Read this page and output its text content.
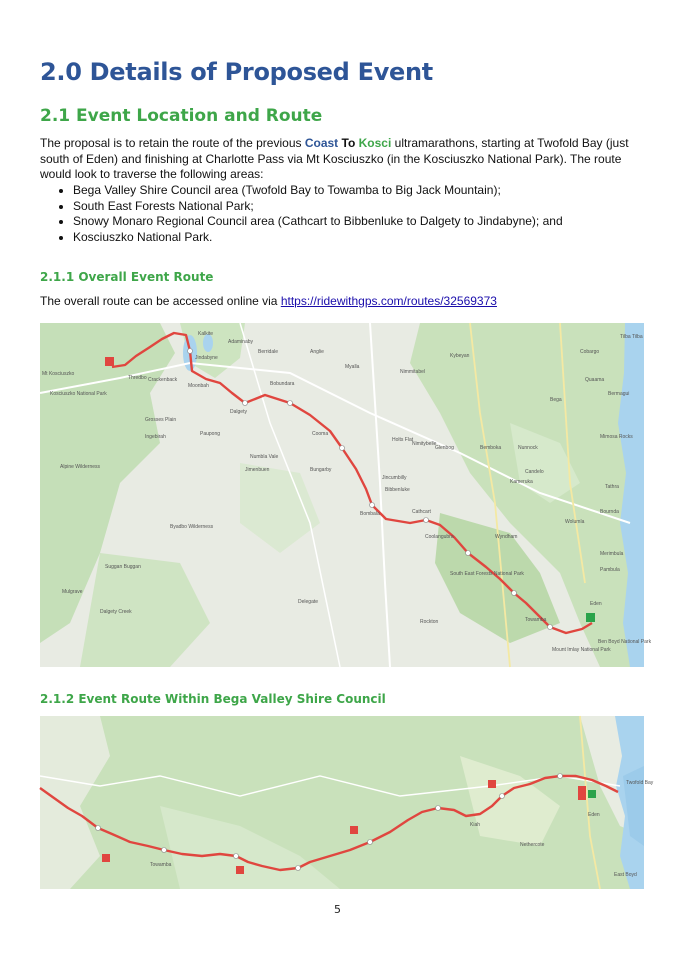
2.0 Details of Proposed Event
2.1 Event Location and Route

The proposal is to retain the route of the previous Coast To Kosci ultramarathons, starting at Twofold Bay (just south of Eden) and finishing at Charlotte Pass via Mt Kosciuszko (in the Kosciuszko National Park). The route would look to traverse the following areas:

• Bega Valley Shire Council area (Twofold Bay to Towamba to Big Jack Mountain);
• South East Forests National Park;
• Snowy Monaro Regional Council area (Cathcart to Bibbenluke to Dalgety to Jindabyne); and
• Kosciuszko National Park.
2.1.1 Overall Event Route

The overall route can be accessed online via https://ridewithgps.com/routes/32569373

Kalkite
Adaminaby
Berridale	Anglie
Myalla
Nimmitabel
Kybeyan
Kosciuszko National Park
Mt Kosciuszko
Thredbo Crackenback
Jindabyne
Moonbah	Bobundara
Dalgety
Paupong
Ingebirah
Grosses Plain
Numbla Vale
Jimenbuen
Cooma
Bungarby
Bibbenluke
Jincumbilly
Bombala
Holts Flat
Cathcart
Nimitybelle
Glenbog	Bemboka	Nunnock
Bega
Candelo
Wolumla
Merimbula
Pambula
Eden
Towamba
Wyndham
Coolangubra
South East Forests National Park
Delegate
Rockton
Mount Imlay National Park
Ben Boyd National Park
Mimosa Rocks
Tathra
Bournda
Kameruka
Quaama
Cobargo
Bermagui
Tilba Tilba
Alpine Wilderness
Suggan Buggan
Byadbo Wilderness
Mulgrave
Dalgety Creek
2.1.2 Event Route Within Bega Valley Shire Council
Towamba
Kiah
Eden
Twofold Bay
Nethercote
East Boyd
5
